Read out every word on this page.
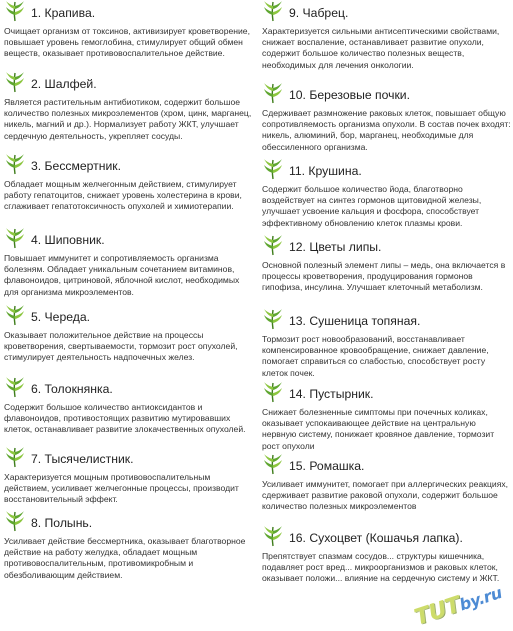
1. Крапива.

Очищает организм от токсинов, активизирует кроветворение, повышает уровень гемоглобина, стимулирует общий обмен веществ, оказывает противовоспалительное действие.

2. Шалфей.

Является растительным антибиотиком, содержит большое количество полезных микроэлементов (хром, цинк, марганец, никель, магний и др.). Нормализует работу ЖКТ, улучшает сердечную деятельность, укрепляет сосуды.

3. Бессмертник.

Обладает мощным желчегонным действием, стимулирует работу гепатоцитов, снижает уровень холестерина в крови, сглаживает гепатотоксичность опухолей и химиотерапии.

4. Шиповник.

Повышает иммунитет и сопротивляемость организма болезням. Обладает уникальным сочетанием витаминов, флавоноидов, цитриновой, яблочной кислот, необходимых для организма микроэлементов.

5. Череда.

Оказывает положительное действие на процессы кроветворения, свертываемости, тормозит рост опухолей, стимулирует деятельность надпочечных желез.

6. Толокнянка.

Содержит большое количество антиоксидантов и флавоноидов, противостоящих развитию мутировавших клеток, останавливает развитие злокачественных опухолей.

7. Тысячелистник.

Характеризуется мощным противовоспалительным действием, усиливает желчегонные процессы, производит восстановительный эффект.

8. Полынь.

Усиливает действие бессмертника, оказывает благотворное действие на работу желудка, обладает мощным противовоспалительным, противомикробным и обезболивающим действием.

9. Чабрец.

Характеризуется сильными антисептическими свойствами, снижает воспаление, останавливает развитие опухоли, содержит большое количество полезных веществ, необходимых для лечения онкологии.

10. Березовые почки.

Сдерживает размножение раковых клеток, повышает общую сопротивляемость организма опухоли. В состав почек входят: никель, алюминий, бор, марганец, необходимые для обессиленного организма.

11. Крушина.

Содержит большое количество йода, благотворно воздействует на синтез гормонов щитовидной железы, улучшает усвоение кальция и фосфора, способствует эффективному обновлению клеток плазмы крови.

12. Цветы липы.

Основной полезный элемент липы – медь, она включается в процессы кроветворения, продуцирования гормонов гипофиза, инсулина. Улучшает клеточный метаболизм.

13. Сушеница топяная.

Тормозит рост новообразований, восстанавливает компенсированное кровообращение, снижает давление, помогает справиться со слабостью, способствует росту клеток почек.

14. Пустырник.

Снижает болезненные симптомы при почечных коликах, оказывает успокаивающее действие на центральную нервную систему, понижает кровяное давление, тормозит рост опухоли

15. Ромашка.

Усиливает иммунитет, помогает при аллергических реакциях, сдерживает развитие раковой опухоли, содержит большое количество полезных микроэлементов

16. Сухоцвет (Кошачья лапка).

Препятствует спазмам сосудов... структуры кишечника, подавляет рост вред... микроорганизмов и раковых клеток, оказывает положи... влияние на сердечную систему и ЖКТ.

TUTby.ru
